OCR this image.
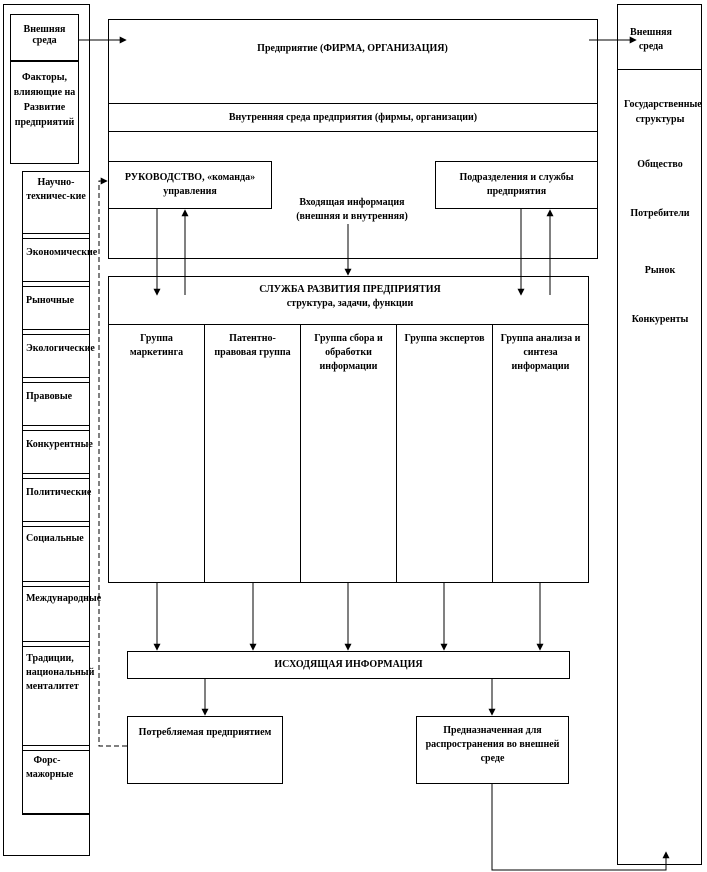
Внешняя среда
Факторы, влияющие на Развитие предприятий
Научно-техничес-кие
Экономические
Рыночные
Экологические
Правовые
Конкурентные
Политические
Социальные
Международные
Традиции, национальный менталитет
Форс-мажорные
Внешняя среда
Государственные структуры
Общество
Потребители
Рынок
Конкуренты
Предприятие (ФИРМА, ОРГАНИЗАЦИЯ)
Внутренняя среда предприятия (фирмы, организации)
РУКОВОДСТВО, «команда» управления
Подразделения и службы предприятия
Входящая информация (внешняя и внутренняя)
СЛУЖБА РАЗВИТИЯ ПРЕДПРИЯТИЯ
структура, задачи, функции
Группа маркетинга
Патентно-правовая группа
Группа сбора и обработки информации
Группа экспертов	Группа анализа и синтеза информации
ИСХОДЯЩАЯ ИНФОРМАЦИЯ
Потребляемая предприятием	Предназначенная для распространения во внешней среде
